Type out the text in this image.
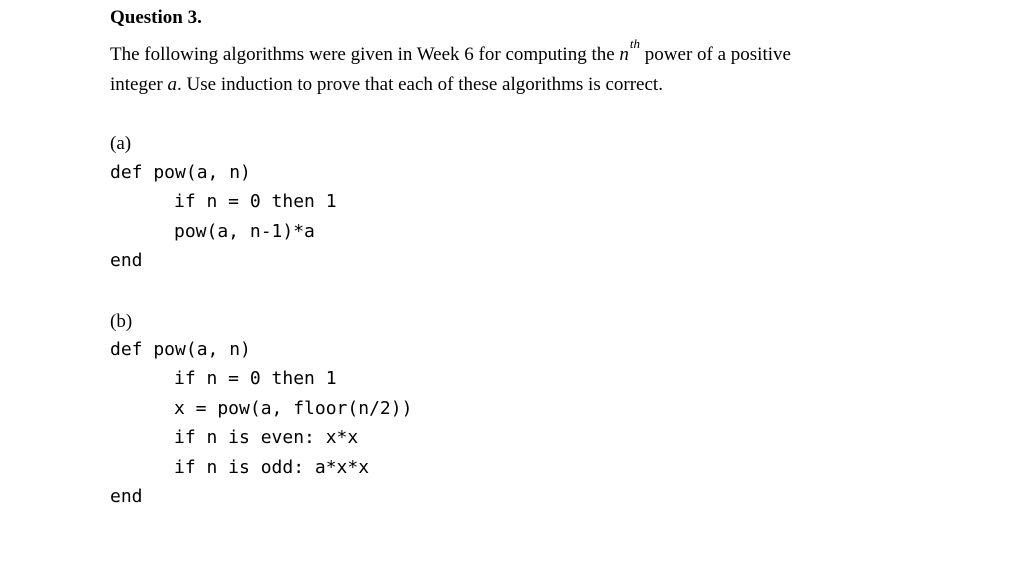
Question 3.
The following algorithms were given in Week 6 for computing the $n^{th}$ power of a positive
integer a. Use induction to prove that each of these algorithms is correct.
(a)
def pow(a, n)
if n = 0 then 1
pow(a, n-1)*a
end
(b)
def pow(a, n)
if n = 0 then 1
x = pow(a, floor(n/2))
if n is even: x*x
if n is odd: a*x*x
end
